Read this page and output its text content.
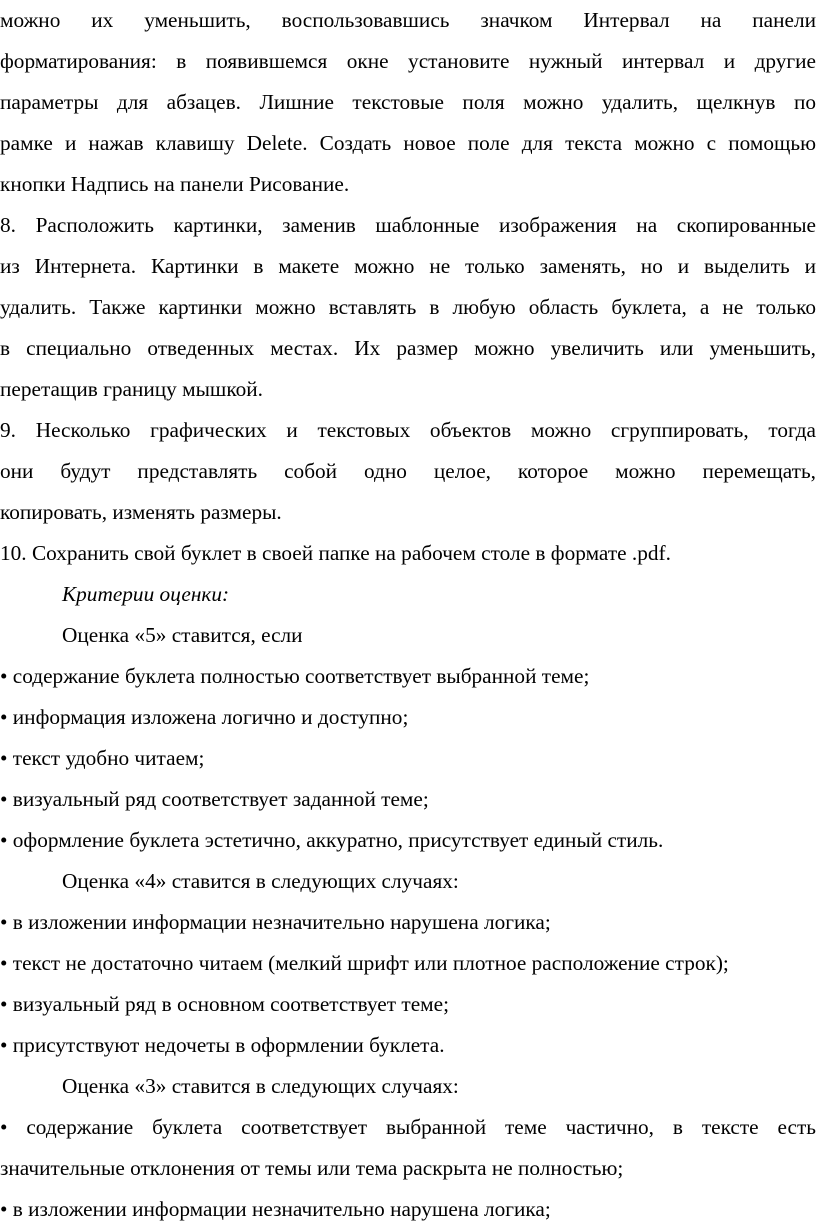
можно их уменьшить, воспользовавшись значком Интервал на панели
форматирования: в появившемся окне установите нужный интервал и другие
параметры для абзацев. Лишние текстовые поля можно удалить, щелкнув по
рамке и нажав клавишу Delete. Создать новое поле для текста можно с помощью
кнопки Надпись на панели Рисование.
8. Расположить картинки, заменив шаблонные изображения на скопированные
из Интернета. Картинки в макете можно не только заменять, но и выделить и
удалить. Также картинки можно вставлять в любую область буклета, а не только
в специально отведенных местах. Их размер можно увеличить или уменьшить,
перетащив границу мышкой.
9. Несколько графических и текстовых объектов можно сгруппировать, тогда
они будут представлять собой одно целое, которое можно перемещать,
копировать, изменять размеры.
10. Сохранить свой буклет в своей папке на рабочем столе в формате .pdf.
Критерии оценки:
Оценка «5» ставится, если
• содержание буклета полностью соответствует выбранной теме;
• информация изложена логично и доступно;
• текст удобно читаем;
• визуальный ряд соответствует заданной теме;
• оформление буклета эстетично, аккуратно, присутствует единый стиль.
Оценка «4» ставится в следующих случаях:
• в изложении информации незначительно нарушена логика;
• текст не достаточно читаем (мелкий шрифт или плотное расположение строк);
• визуальный ряд в основном соответствует теме;
• присутствуют недочеты в оформлении буклета.
Оценка «3» ставится в следующих случаях:
• содержание буклета соответствует выбранной теме частично, в тексте есть
значительные отклонения от темы или тема раскрыта не полностью;
• в изложении информации незначительно нарушена логика;
